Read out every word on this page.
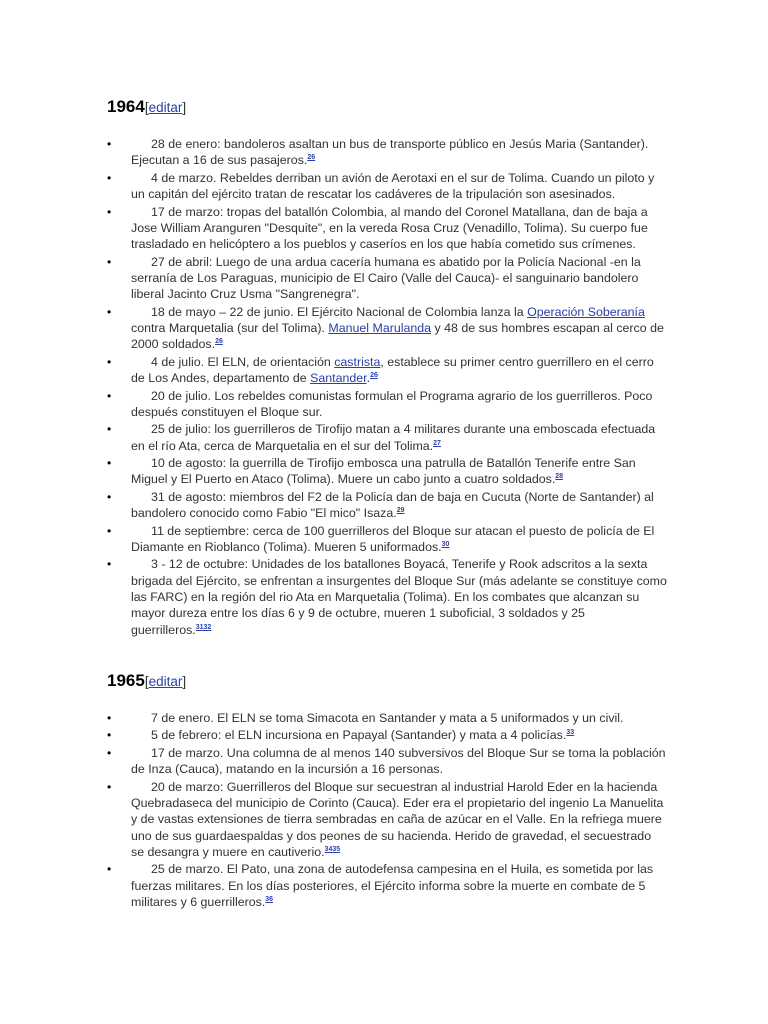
1964[editar]
•	28 de enero: bandoleros asaltan un bus de transporte público en Jesús Maria (Santander). Ejecutan a 16 de sus pasajeros.$^{26}$
•	4 de marzo. Rebeldes derriban un avión de Aerotaxi en el sur de Tolima. Cuando un piloto y un capitán del ejército tratan de rescatar los cadáveres de la tripulación son asesinados.
•	17 de marzo: tropas del batallón Colombia, al mando del Coronel Matallana, dan de baja a Jose William Aranguren "Desquite", en la vereda Rosa Cruz (Venadillo, Tolima). Su cuerpo fue trasladado en helicóptero a los pueblos y caseríos en los que había cometido sus crímenes.
•	27 de abril: Luego de una ardua cacería humana es abatido por la Policía Nacional -en la serranía de Los Paraguas, municipio de El Cairo (Valle del Cauca)- el sanguinario bandolero liberal Jacinto Cruz Usma "Sangrenegra".
•	18 de mayo – 22 de junio. El Ejército Nacional de Colombia lanza la Operación Soberanía contra Marquetalia (sur del Tolima). Manuel Marulanda y 48 de sus hombres escapan al cerco de 2000 soldados.$^{26}$
•	4 de julio. El ELN, de orientación castrista, establece su primer centro guerrillero en el cerro de Los Andes, departamento de Santander.$^{26}$
•	20 de julio. Los rebeldes comunistas formulan el Programa agrario de los guerrilleros. Poco después constituyen el Bloque sur.
•	25 de julio: los guerrilleros de Tirofijo matan a 4 militares durante una emboscada efectuada en el río Ata, cerca de Marquetalia en el sur del Tolima.$^{27}$
•	10 de agosto: la guerrilla de Tirofijo embosca una patrulla de Batallón Tenerife entre San Miguel y El Puerto en Ataco (Tolima). Muere un cabo junto a cuatro soldados.$^{28}$
•	31 de agosto: miembros del F2 de la Policía dan de baja en Cucuta (Norte de Santander) al bandolero conocido como Fabio "El mico" Isaza.$^{29}$
•	11 de septiembre: cerca de 100 guerrilleros del Bloque sur atacan el puesto de policía de El Diamante en Rioblanco (Tolima). Mueren 5 uniformados.$^{30}$
•	3 - 12 de octubre: Unidades de los batallones Boyacá, Tenerife y Rook adscritos a la sexta brigada del Ejército, se enfrentan a insurgentes del Bloque Sur (más adelante se constituye como las FARC) en la región del rio Ata en Marquetalia (Tolima). En los combates que alcanzan su mayor dureza entre los días 6 y 9 de octubre, mueren 1 suboficial, 3 soldados y 25 guerrilleros.$^{3132}$
1965[editar]
•	7 de enero. El ELN se toma Simacota en Santander y mata a 5 uniformados y un civil.
•	5 de febrero: el ELN incursiona en Papayal (Santander) y mata a 4 policías.$^{33}$
•	17 de marzo. Una columna de al menos 140 subversivos del Bloque Sur se toma la población de Inza (Cauca), matando en la incursión a 16 personas.
•	20 de marzo: Guerrilleros del Bloque sur secuestran al industrial Harold Eder en la hacienda Quebradaseca del municipio de Corinto (Cauca). Eder era el propietario del ingenio La Manuelita y de vastas extensiones de tierra sembradas en caña de azúcar en el Valle. En la refriega muere uno de sus guardaespaldas y dos peones de su hacienda. Herido de gravedad, el secuestrado se desangra y muere en cautiverio.$^{3435}$
•	25 de marzo. El Pato, una zona de autodefensa campesina en el Huila, es sometida por las fuerzas militares. En los días posteriores, el Ejército informa sobre la muerte en combate de 5 militares y 6 guerrilleros.$^{36}$
